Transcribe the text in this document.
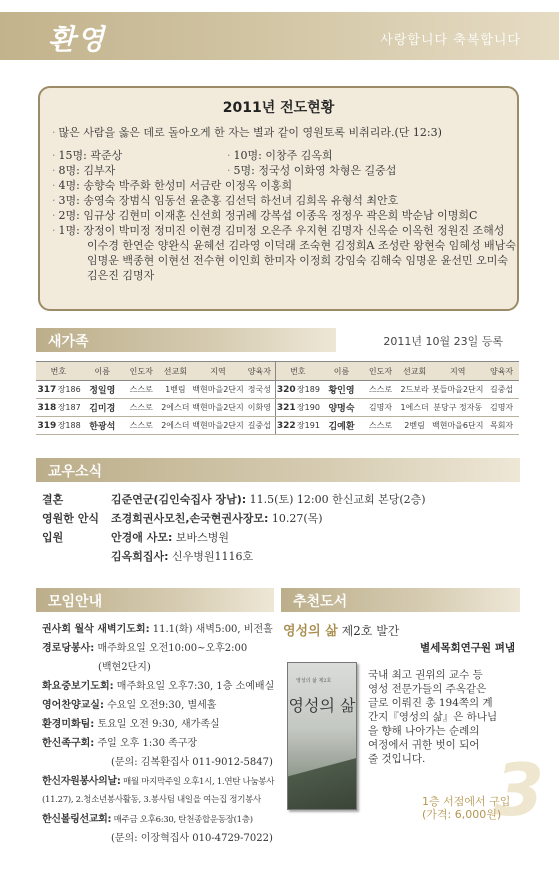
환영	사랑합니다 축복합니다
2011년 전도현황
· 많은 사람을 옳은 데로 돌아오게 한 자는 별과 같이 영원토록 비취리라.(단 12:3)
· 15명: 곽준상	· 10명: 이창주 김옥희
· 8명: 김부자	· 5명: 정국성 이화영 차형은 길중섭
· 4명: 송향숙 박주화 한성미 서금란 이정옥 이홍희
· 3명: 송영숙 장범식 임동선 윤춘홍 김선덕 하선녀 김희옥 유형석 최안호
· 2명: 임규상 김현미 이재훈 신선희 정귀례 강복섭 이종옥 정정우 곽은희 박순남 이명희C
· 1명: 장정이 박미정 정미진 이현경 김미정 오은주 우지현 김명자 신옥순 이옥헌 정원진 조해성
이수경 한연순 양완식 윤혜선 김라영 이덕래 조숙현 김정희A 조성란 왕현숙 임혜성 배남숙
임명운 백종현 이현선 전수현 이인희 한미자 이정희 강임숙 김해숙 임명운 윤선민 오미숙
김은진 김명자
새가족	2011년 10월 23일 등록
번호		이름	인도자	선교회	지역	양육자	번호		이름	인도자	선교회	지역	양육자
317	장186	정일영	스스로	1벧림	백현마을2단지	정국성	320	장189	황인영	스스로	2드보라	봇들마을2단지	길중섭
318	장187	김미경	스스로	2에스더	백현마을2단지	이화영	321	장190	양명숙	김명자	1에스더	분당구 정자동	김명자
319	장188	한광석	스스로	2에스더	백현마을2단지	길중섭	322	장191	김예환	스스로	2벧림	백현마을6단지	목회자
교우소식
결혼	김준연군(김인숙집사 장남): 11.5(토) 12:00 한신교회 본당(2층)
영원한 안식 조경희권사모친,손국현권사장모: 10.27(목)
입원	안경애 사모: 보바스병원
김옥희집사: 신우병원1116호
모임안내
권사회 월삭 새벽기도회: 11.1(화) 새벽5:00, 비전홀
경로당봉사: 매주화요일 오전10:00~오후2:00
(백현2단지)
화요중보기도회: 매주화요일 오후7:30, 1층 소예배실
영어찬양교실: 수요일 오전9:30, 별세홀
환경미화팀: 토요일 오전 9:30, 새가족실
한신족구회: 주일 오후 1:30 족구장
(문의: 김복환집사 011-9012-5847)
한신자원봉사의날: 매월 마지막주일 오후1시, 1.연탄 나눔봉사
(11.27), 2.청소년봉사활동, 3.봉사팀 내일을 여는집 정기봉사
한신볼링선교회: 매주금 오후6:30, 탄천종합운동장(1층)
(문의: 이장혁집사 010-4729-7022)
추천도서
영성의 삶 제2호 발간
별세목회연구원 펴냄
영성의 삶 제2호
영성의 삶
국내 최고 권위의 교수 등
영성 전문가들의 주옥같은
글로 이뤄진 총 194쪽의 계
간지『영성의 삶』은 하나님
을 향해 나아가는 순례의
여정에서 귀한 벗이 되어
줄 것입니다. 3
1층 서점에서 구입
(가격: 6,000원)
